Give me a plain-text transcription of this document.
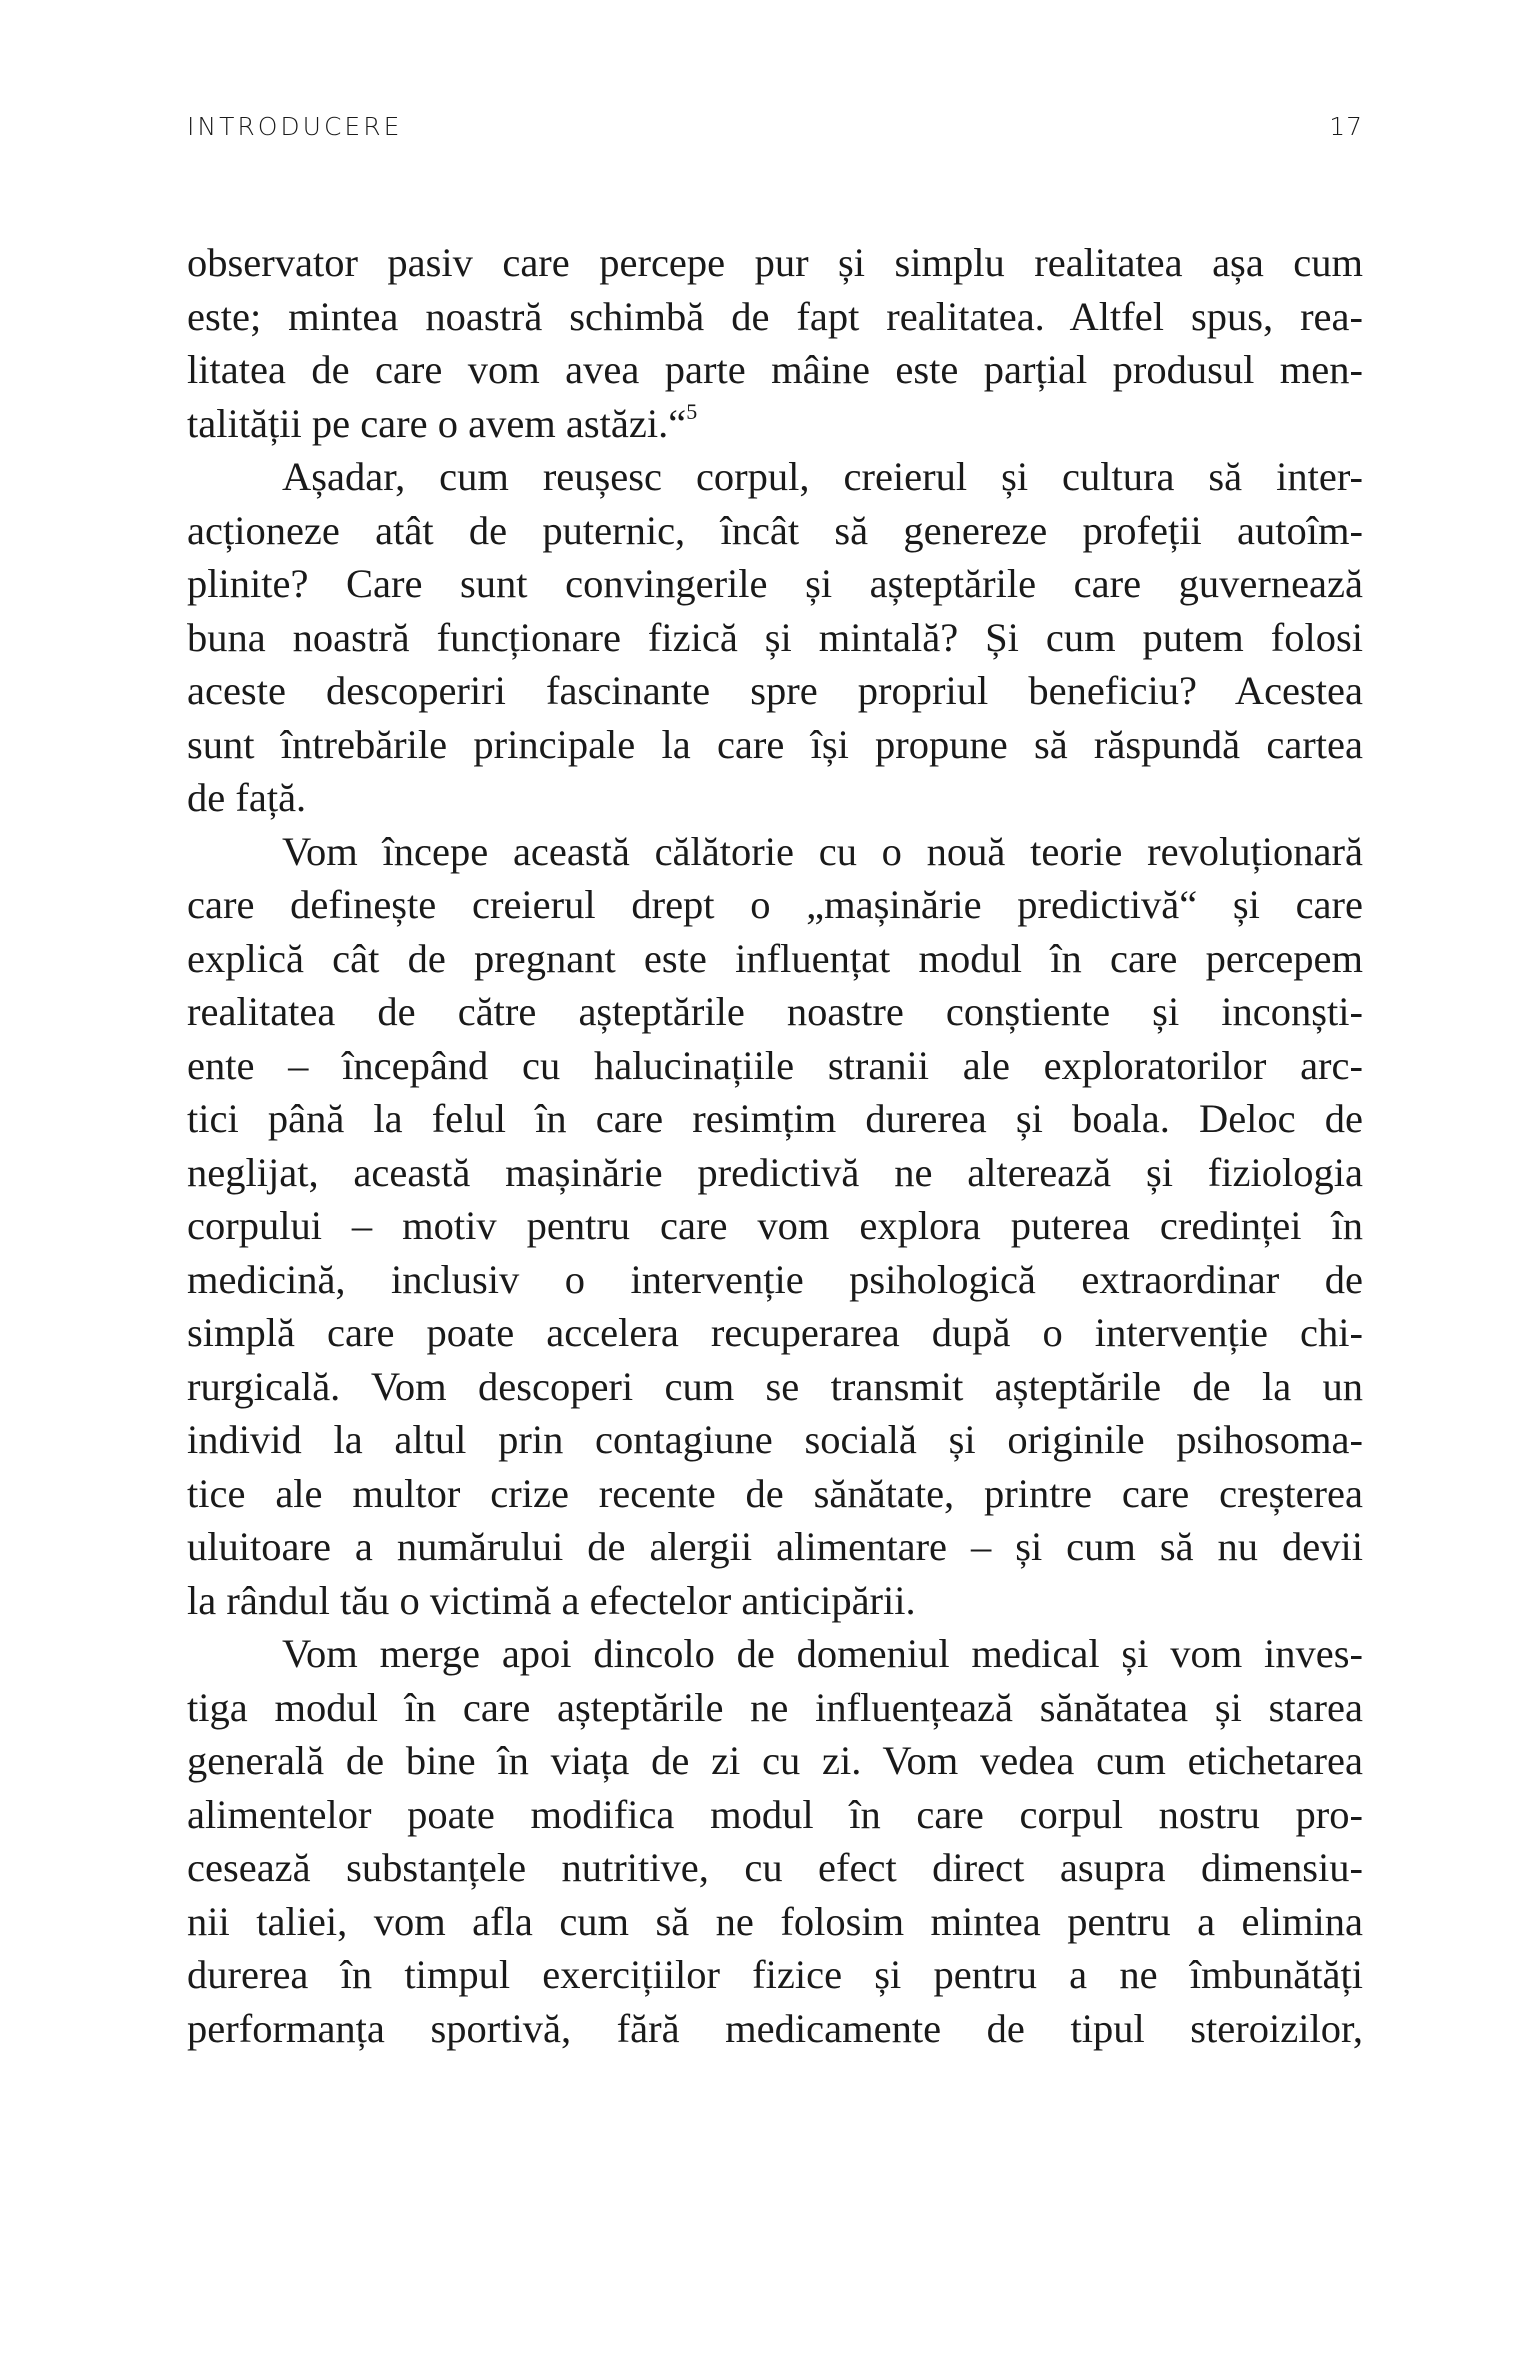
INTRODUCERE	17
observator pasiv care percepe pur și simplu realitatea așa cum
este; mintea noastră schimbă de fapt realitatea. Altfel spus, rea-
litatea de care vom avea parte mâine este parțial produsul men-
talității pe care o avem astăzi.“$^5$
Așadar, cum reușesc corpul, creierul și cultura să inter-
acționeze atât de puternic, încât să genereze profeții autoîm-
plinite? Care sunt convingerile și așteptările care guvernează
buna noastră funcționare fizică și mintală? Și cum putem folosi
aceste descoperiri fascinante spre propriul beneficiu? Acestea
sunt întrebările principale la care își propune să răspundă cartea
de față.
Vom începe această călătorie cu o nouă teorie revoluționară
care definește creierul drept o „mașinărie predictivă“ și care
explică cât de pregnant este influențat modul în care percepem
realitatea de către așteptările noastre conștiente și inconști-
ente – începând cu halucinațiile stranii ale exploratorilor arc-
tici până la felul în care resimțim durerea și boala. Deloc de
neglijat, această mașinărie predictivă ne alterează și fiziologia
corpului – motiv pentru care vom explora puterea credinței în
medicină, inclusiv o intervenție psihologică extraordinar de
simplă care poate accelera recuperarea după o intervenție chi-
rurgicală. Vom descoperi cum se transmit așteptările de la un
individ la altul prin contagiune socială și originile psihosoma-
tice ale multor crize recente de sănătate, printre care creșterea
uluitoare a numărului de alergii alimentare – și cum să nu devii
la rândul tău o victimă a efectelor anticipării.
Vom merge apoi dincolo de domeniul medical și vom inves-
tiga modul în care așteptările ne influențează sănătatea și starea
generală de bine în viața de zi cu zi. Vom vedea cum etichetarea
alimentelor poate modifica modul în care corpul nostru pro-
cesează substanțele nutritive, cu efect direct asupra dimensiu-
nii taliei, vom afla cum să ne folosim mintea pentru a elimina
durerea în timpul exercițiilor fizice și pentru a ne îmbunătăți
performanța sportivă, fără medicamente de tipul steroizilor,
